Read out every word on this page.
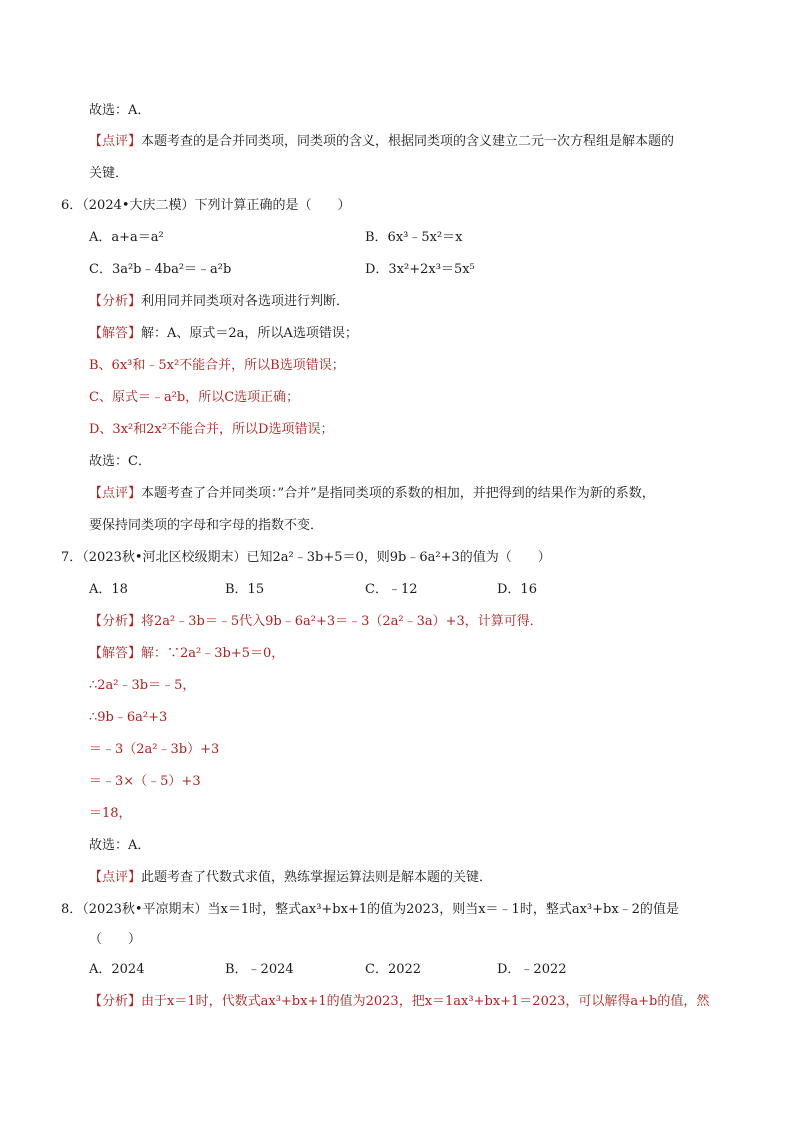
故选：A．
【点评】本题考查的是合并同类项，同类项的含义，根据同类项的含义建立二元一次方程组是解本题的
关键．
6．（2024•大庆二模）下列计算正确的是（　　）
A．a+a＝a²	B．6x³﹣5x²＝x
C．3a²b﹣4ba²＝﹣a²b	D．3x²+2x³＝5x⁵
【分析】利用同并同类项对各选项进行判断．
【解答】解：A、原式＝2a，所以A选项错误；
B、6x³和﹣5x²不能合并，所以B选项错误；
C、原式＝﹣a²b，所以C选项正确；
D、3x²和2x²不能合并，所以D选项错误；
故选：C．
【点评】本题考查了合并同类项：”合并”是指同类项的系数的相加，并把得到的结果作为新的系数，
要保持同类项的字母和字母的指数不变．
7．（2023秋•河北区校级期末）已知2a²﹣3b+5＝0，则9b﹣6a²+3的值为（　　）
A．18	B．15	C．﹣12	D．16
【分析】将2a²﹣3b＝﹣5代入9b﹣6a²+3＝﹣3（2a²﹣3a）+3，计算可得．
【解答】解：∵2a²﹣3b+5＝0，
∴2a²﹣3b＝﹣5，
∴9b﹣6a²+3
＝﹣3（2a²﹣3b）+3
＝﹣3×（﹣5）+3
＝18，
故选：A．
【点评】此题考查了代数式求值，熟练掌握运算法则是解本题的关键．
8．（2023秋•平凉期末）当x＝1时，整式ax³+bx+1的值为2023，则当x＝﹣1时，整式ax³+bx﹣2的值是
（　　）
A．2024	B．﹣2024	C．2022	D．﹣2022
【分析】由于x＝1时，代数式ax³+bx+1的值为2023，把x＝1ax³+bx+1＝2023，可以解得a+b的值，然
